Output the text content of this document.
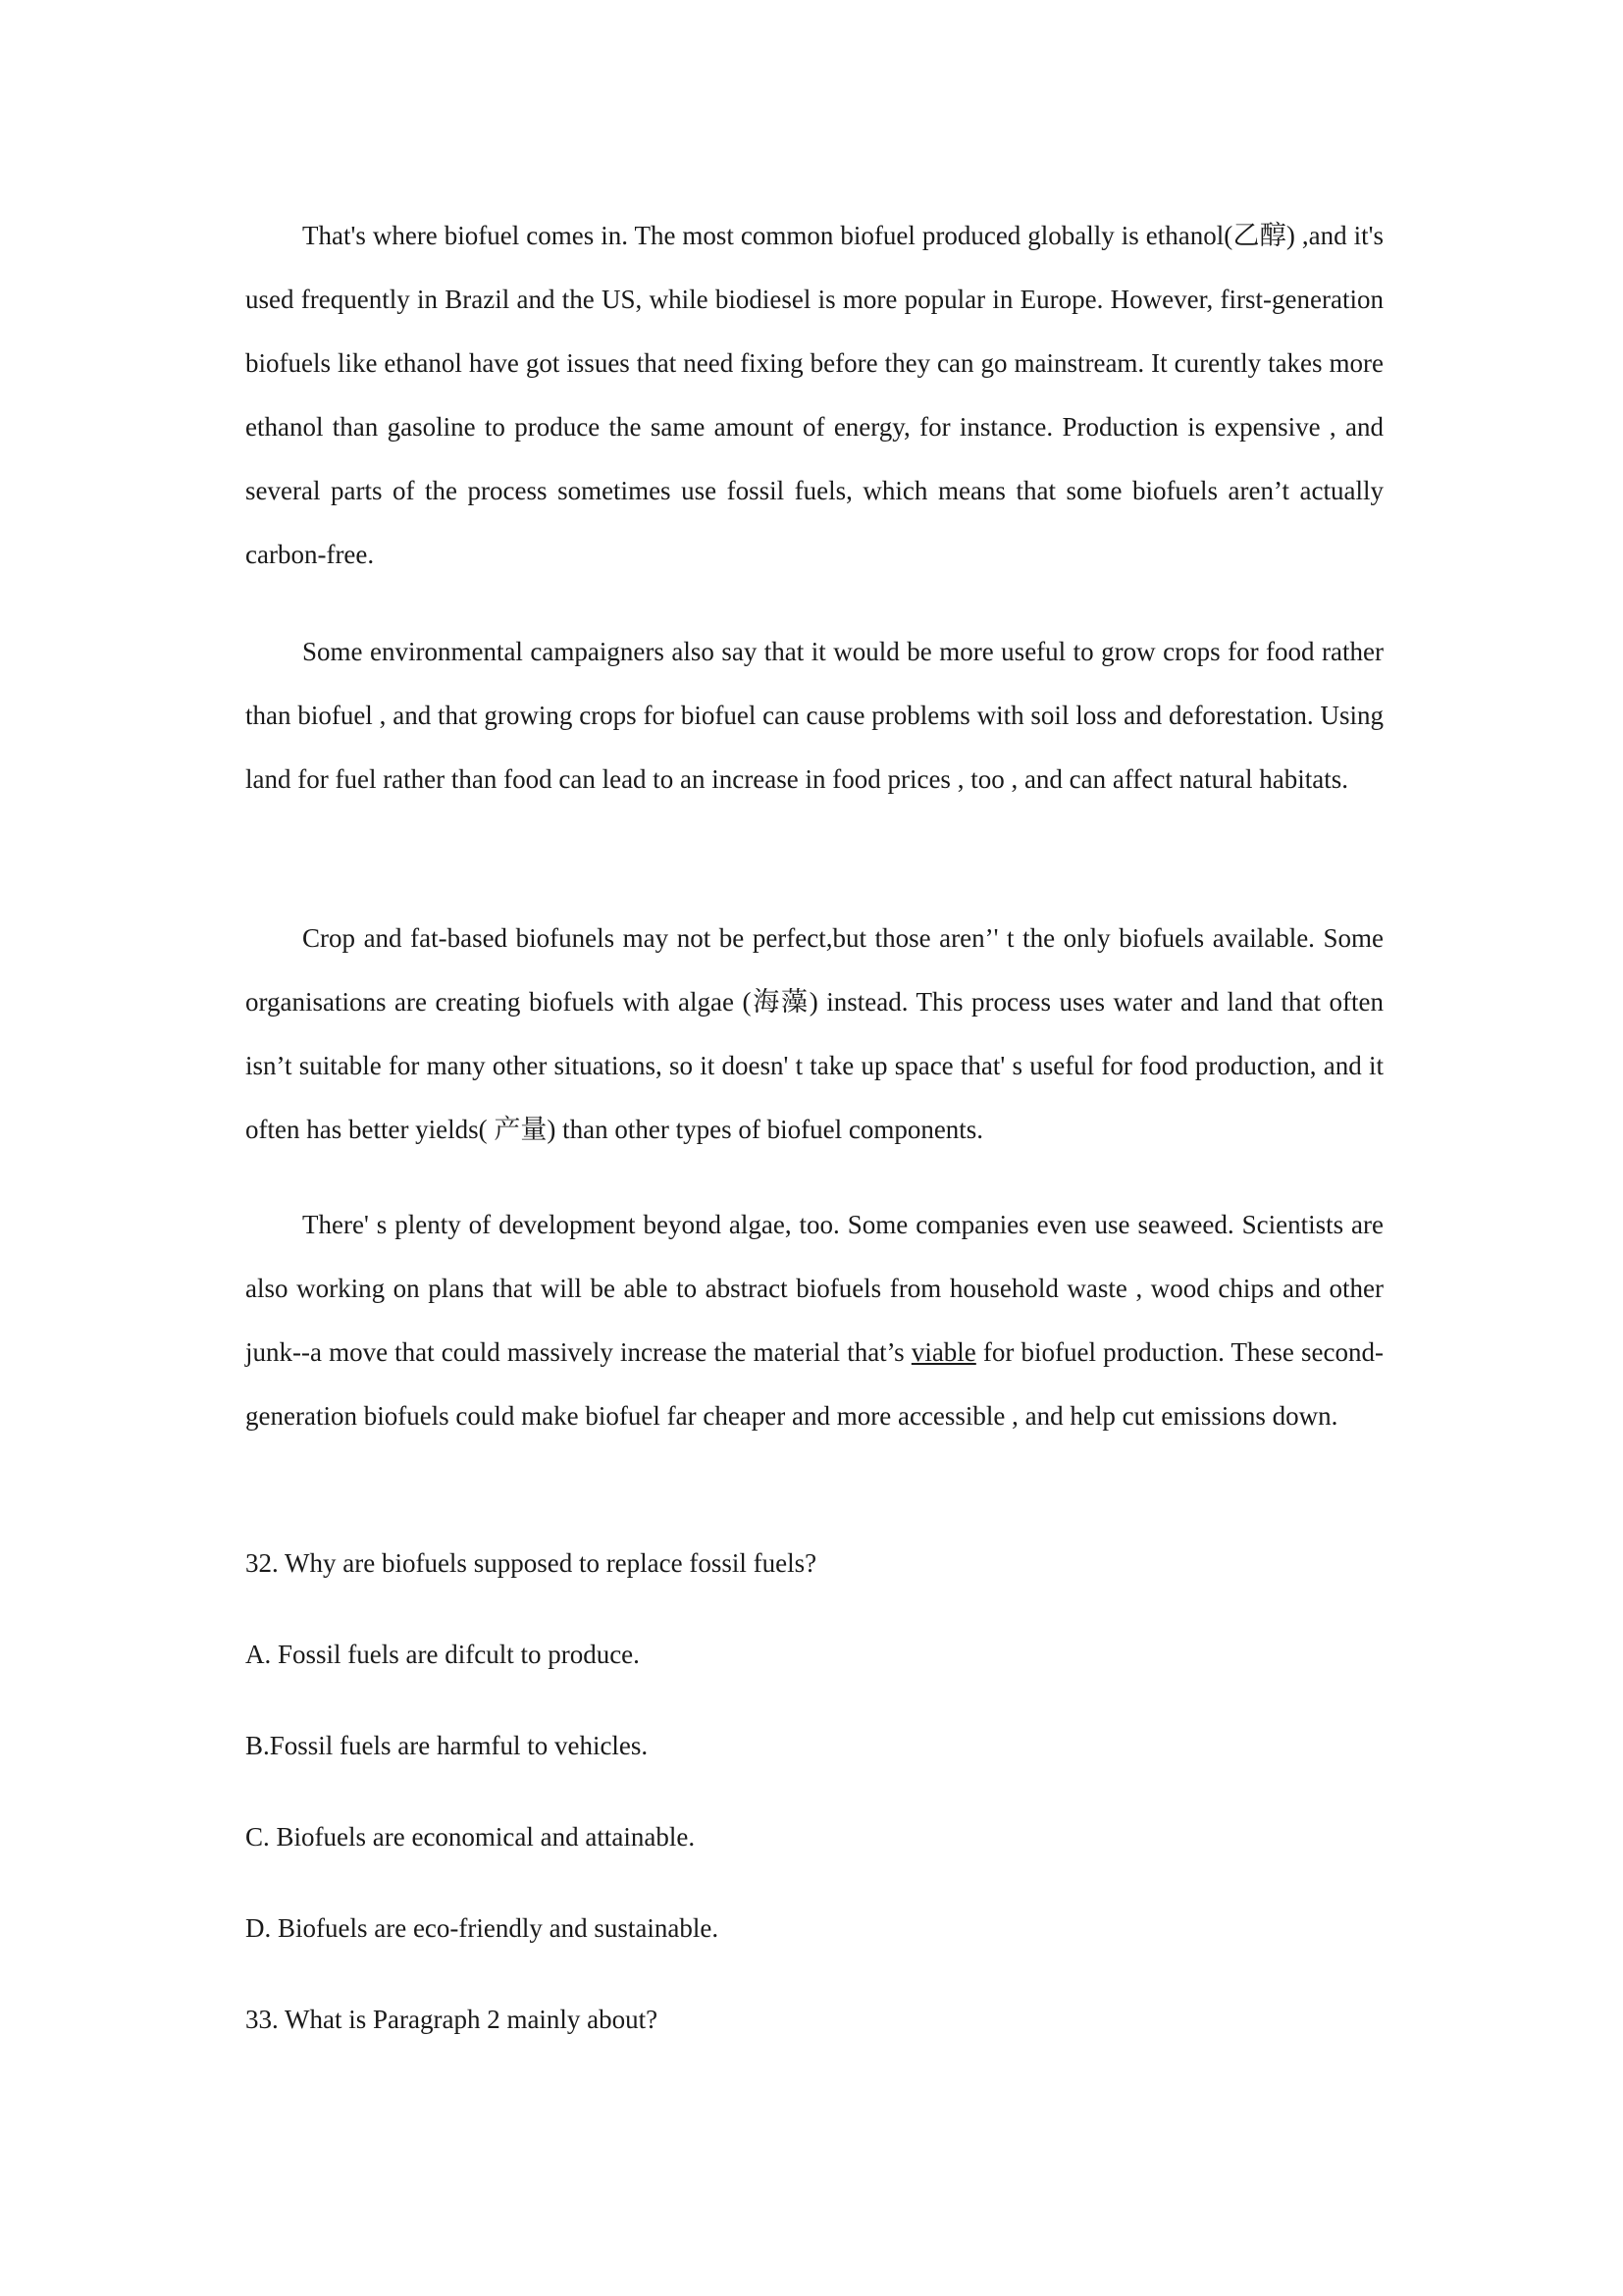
That's where biofuel comes in. The most common biofuel produced globally is ethanol(乙醇) ,and it's used frequently in Brazil and the US, while biodiesel is more popular in Europe. However, first-generation biofuels like ethanol have got issues that need fixing before they can go mainstream. It curently takes more ethanol than gasoline to produce the same amount of energy, for instance. Production is expensive , and several parts of the process sometimes use fossil fuels, which means that some biofuels aren’t actually carbon-free.

Some environmental campaigners also say that it would be more useful to grow crops for food rather than biofuel , and that growing crops for biofuel can cause problems with soil loss and deforestation. Using land for fuel rather than food can lead to an increase in food prices , too , and can affect natural habitats.

Crop and fat-based biofunels may not be perfect,but those aren’' t the only biofuels available. Some organisations are creating biofuels with algae (海藻) instead. This process uses water and land that often isn’t suitable for many other situations, so it doesn' t take up space that' s useful for food production, and it often has better yields( 产量) than other types of biofuel components.

There' s plenty of development beyond algae, too. Some companies even use seaweed. Scientists are also working on plans that will be able to abstract biofuels from household waste , wood chips and other junk--a move that could massively increase the material that’s viable for biofuel production. These second-generation biofuels could make biofuel far cheaper and more accessible , and help cut emissions down.

32. Why are biofuels supposed to replace fossil fuels?

A. Fossil fuels are difcult to produce.

B.Fossil fuels are harmful to vehicles.

C. Biofuels are economical and attainable.

D. Biofuels are eco-friendly and sustainable.

33. What is Paragraph 2 mainly about?
